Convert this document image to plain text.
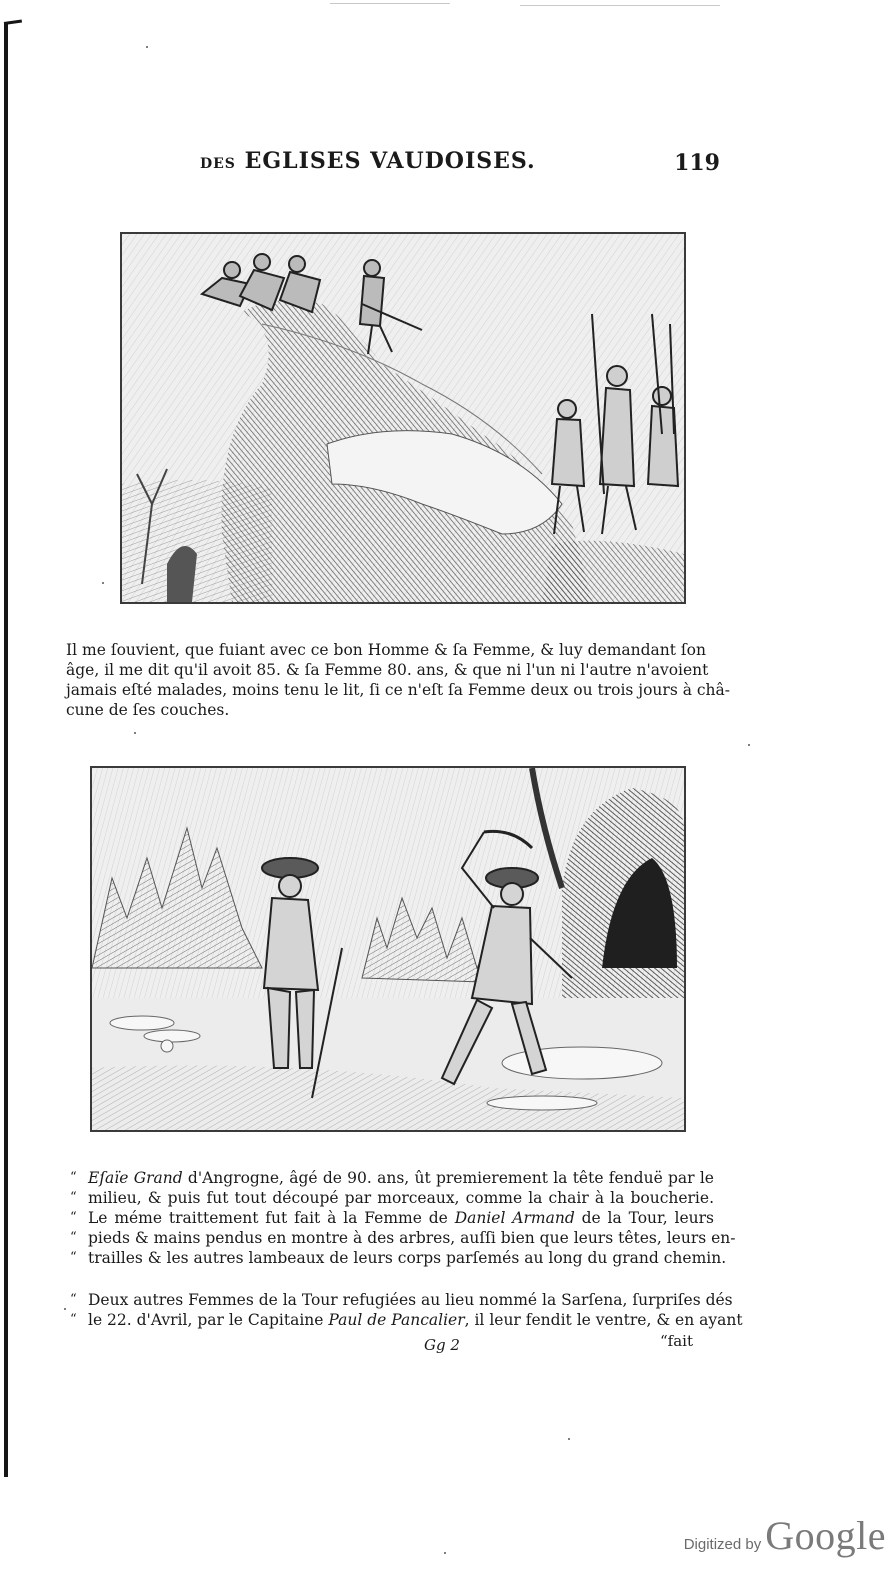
DES EGLISES VAUDOISES.	119

Il me ſouvient, que fuiant avec ce bon Homme & ſa Femme, & luy demandant ſon
âge, il me dit qu'il avoit 85. & ſa Femme 80. ans, & que ni l'un ni l'autre n'avoient
jamais eſté malades, moins tenu le lit, ſi ce n'eſt ſa Femme deux ou trois jours à châ-
cune de ſes couches.

“ Eſaïe Grand d'Angrogne, âgé de 90. ans, ût premierement la tête fenduë par le
“ milieu, & puis fut tout découpé par morceaux, comme la chair à la boucherie.
“ Le méme traittement fut fait à la Femme de Daniel Armand de la Tour, leurs
“ pieds & mains pendus en montre à des arbres, auſſi bien que leurs têtes, leurs en-
“ trailles & les autres lambeaux de leurs corps parſemés au long du grand chemin.
“ Deux autres Femmes de la Tour refugiées au lieu nommé la Sarſena, ſurpriſes dés
“ le 22. d'Avril, par le Capitaine Paul de Pancalier, il leur fendit le ventre, & en ayant
Gg 2	“fait
Digitized by Google
